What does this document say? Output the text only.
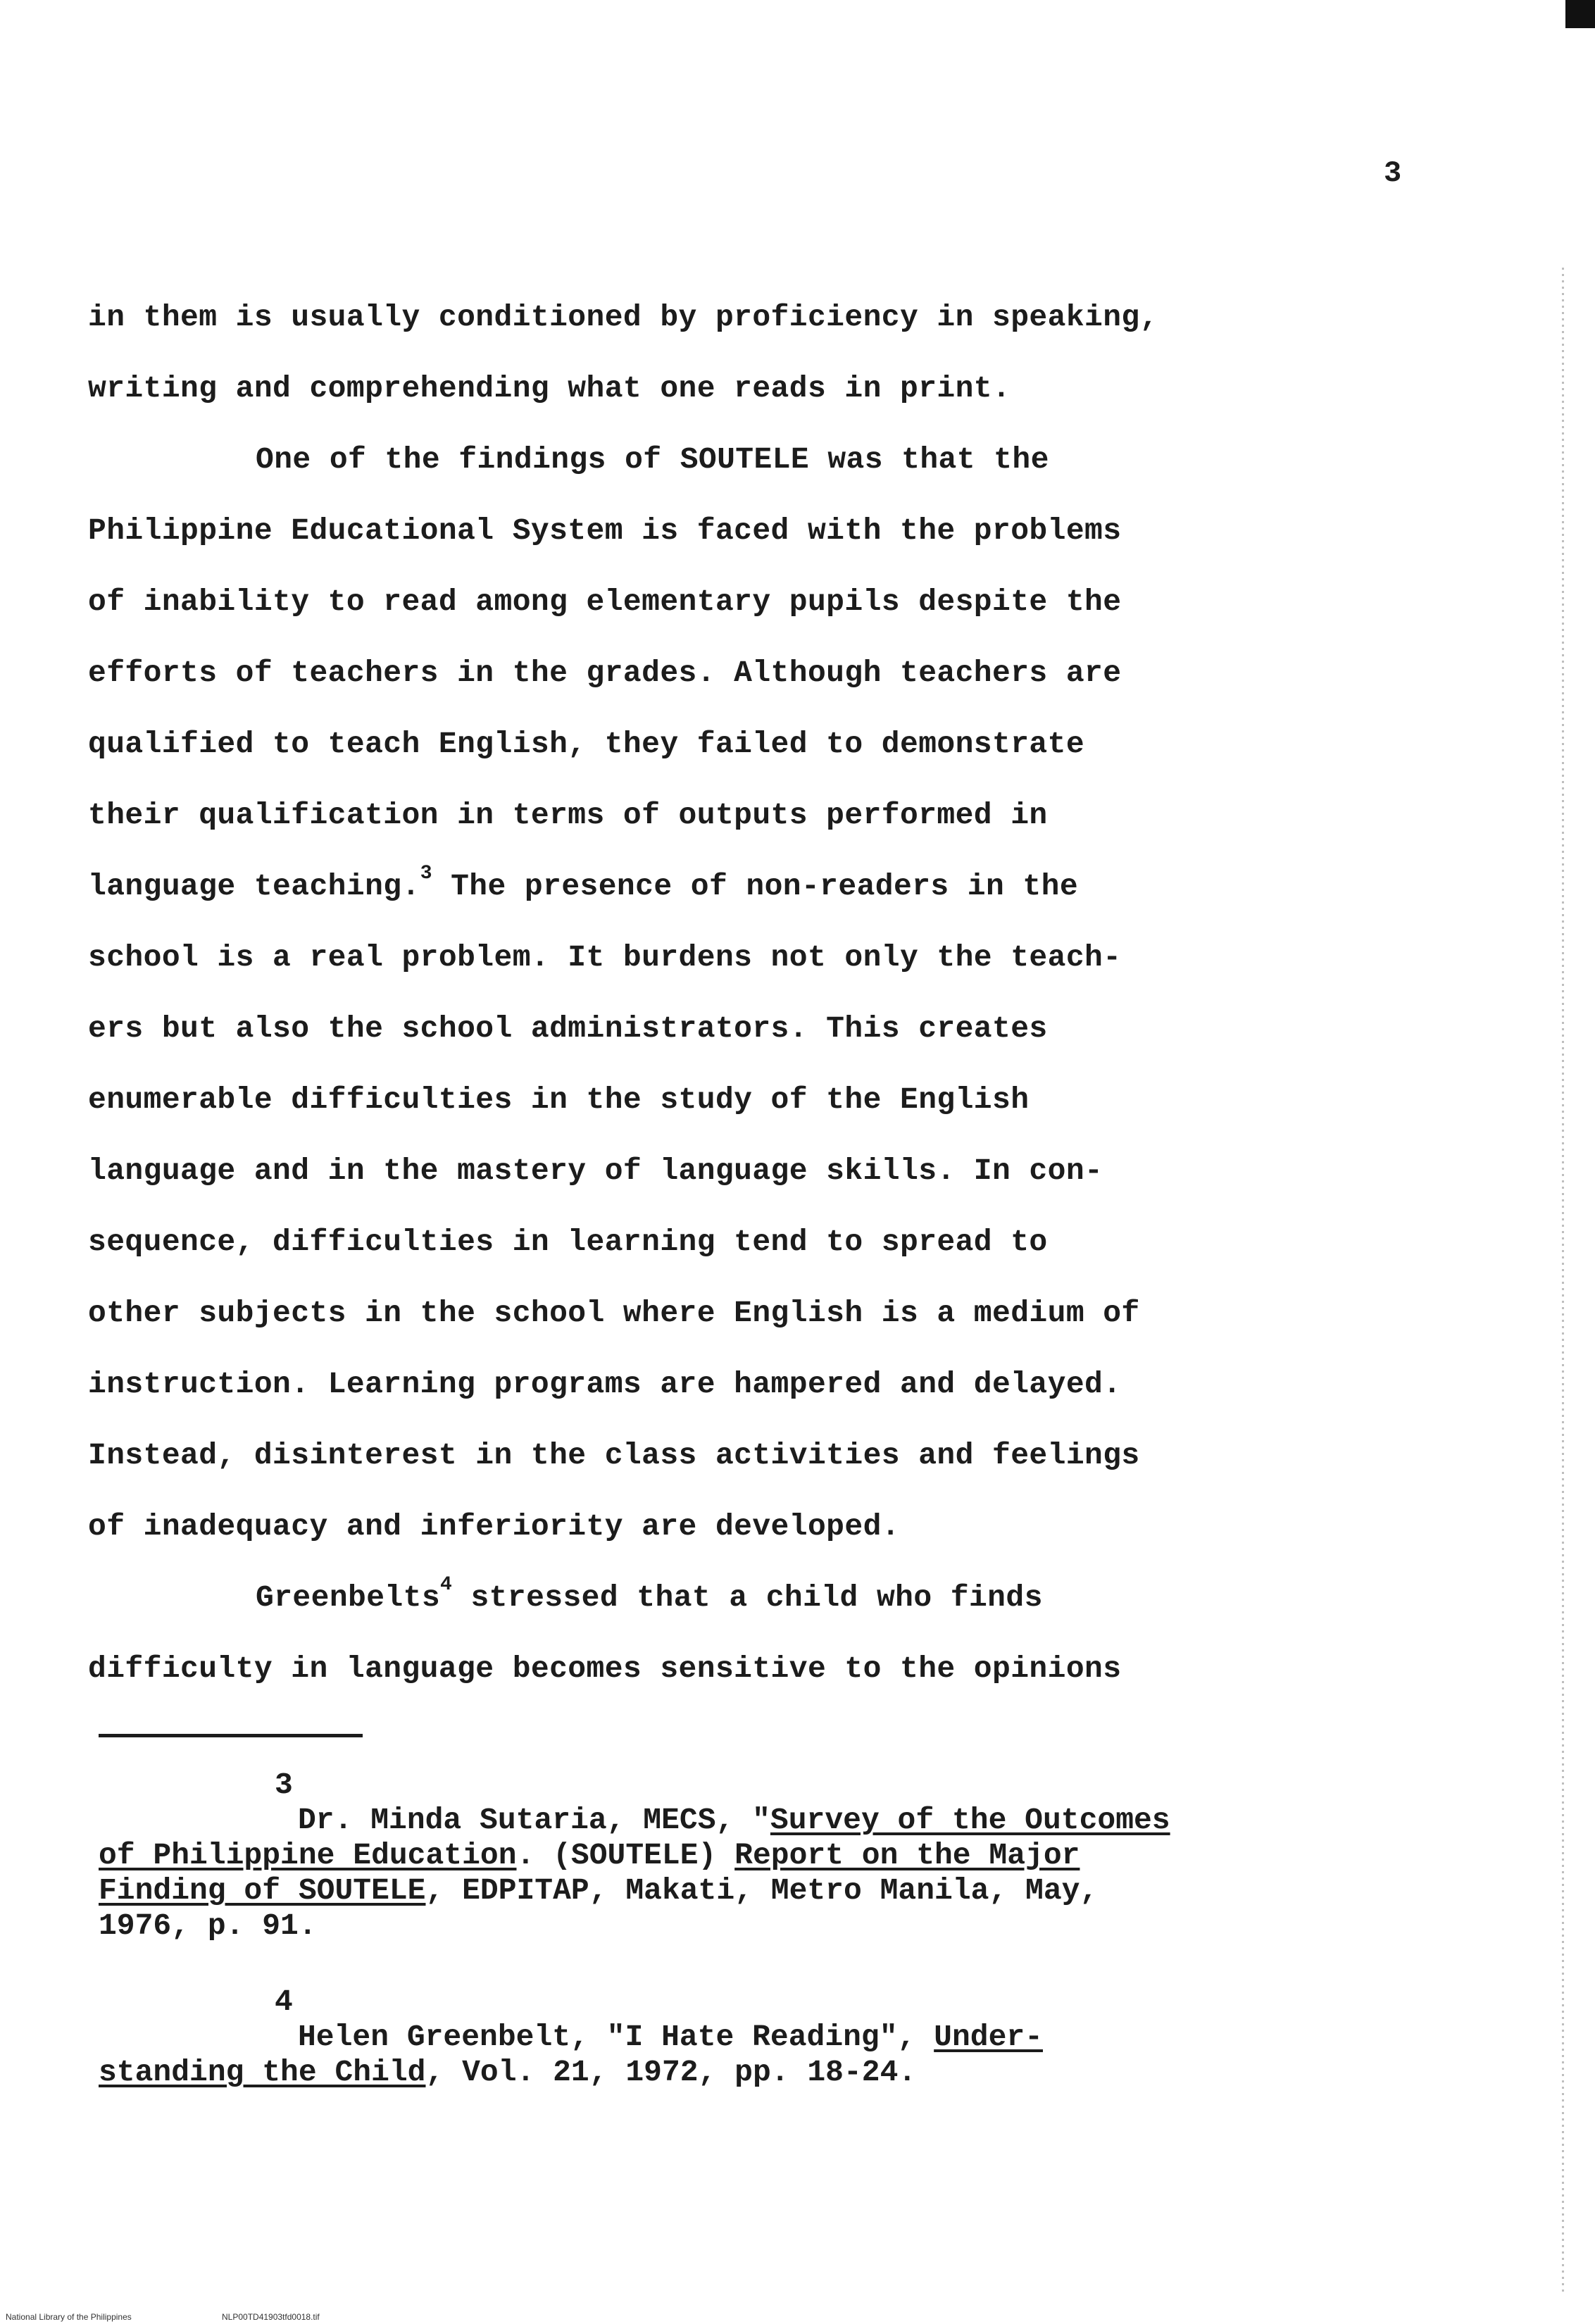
3
in them is usually conditioned by proficiency in speaking,
writing and comprehending what one reads in print.
One of the findings of SOUTELE was that the
Philippine Educational System is faced with the problems
of inability to read among elementary pupils despite the
efforts of teachers in the grades. Although teachers are
qualified to teach English, they failed to demonstrate
their qualification in terms of outputs performed in
language teaching.$^3$ The presence of non-readers in the
school is a real problem. It burdens not only the teach-
ers but also the school administrators. This creates
enumerable difficulties in the study of the English
language and in the mastery of language skills. In con-
sequence, difficulties in learning tend to spread to
other subjects in the school where English is a medium of
instruction. Learning programs are hampered and delayed.
Instead, disinterest in the class activities and feelings
of inadequacy and inferiority are developed.
Greenbelts$^4$ stressed that a child who finds
difficulty in language becomes sensitive to the opinions
3
Dr. Minda Sutaria, MECS, "Survey of the Outcomes
of Philippine Education. (SOUTELE) Report on the Major
Finding of SOUTELE, EDPITAP, Makati, Metro Manila, May,
1976, p. 91.
4
Helen Greenbelt, "I Hate Reading", Under-
standing the Child, Vol. 21, 1972, pp. 18-24.
National Library of the Philippines	NLP00TD41903tfd0018.tif
